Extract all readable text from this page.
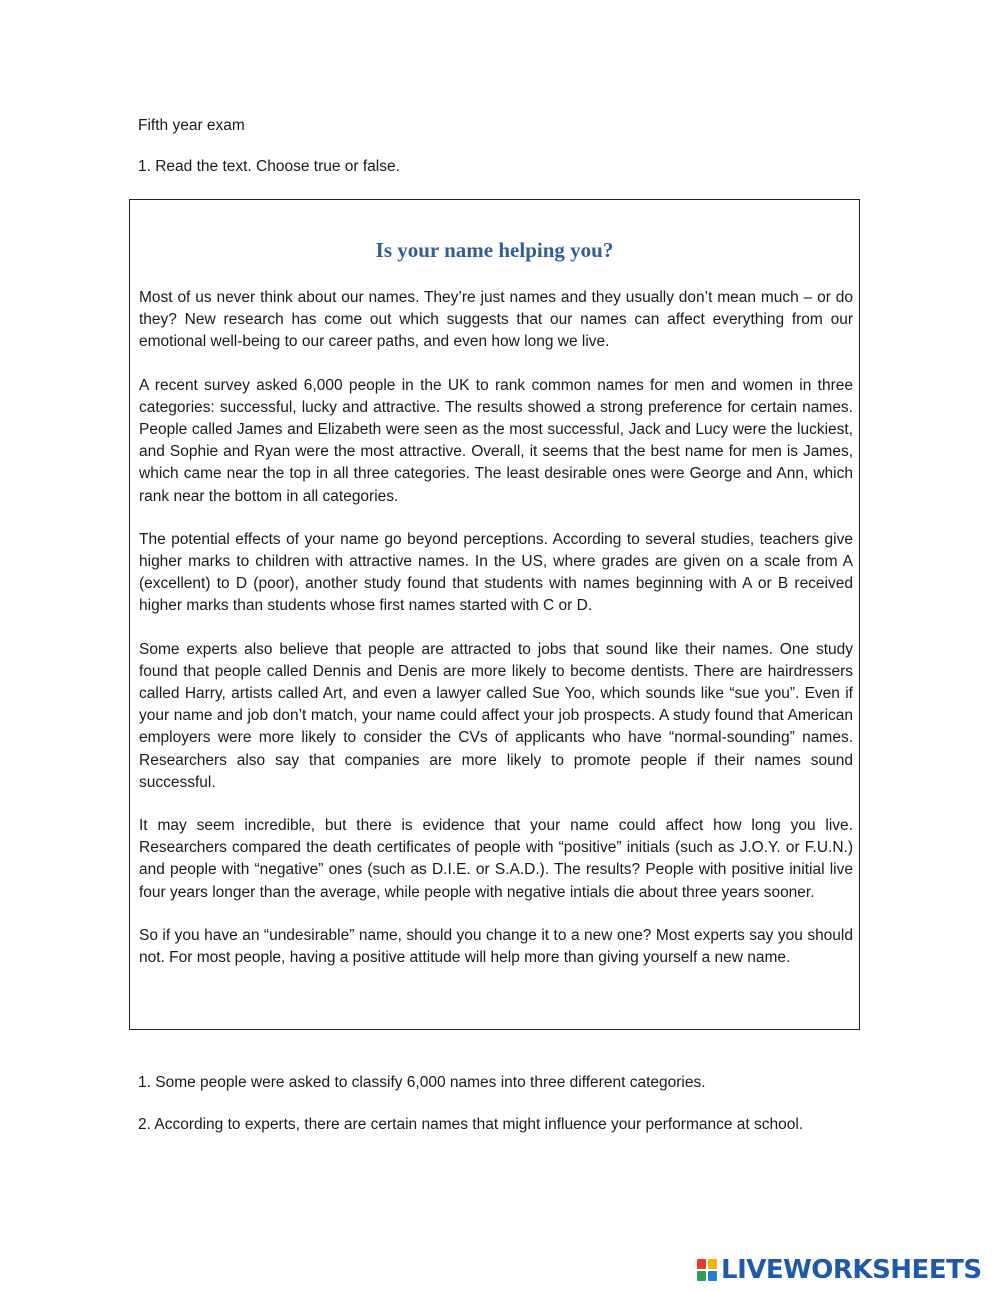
Fifth year exam
1. Read the text. Choose true or false.
Is your name helping you?

Most of us never think about our names. They’re just names and they usually don’t mean much – or do they? New research has come out which suggests that our names can affect everything from our emotional well-being to our career paths, and even how long we live.

A recent survey asked 6,000 people in the UK to rank common names for men and women in three categories: successful, lucky and attractive. The results showed a strong preference for certain names. People called James and Elizabeth were seen as the most successful, Jack and Lucy were the luckiest, and Sophie and Ryan were the most attractive. Overall, it seems that the best name for men is James, which came near the top in all three categories. The least desirable ones were George and Ann, which rank near the bottom in all categories.

The potential effects of your name go beyond perceptions. According to several studies, teachers give higher marks to children with attractive names. In the US, where grades are given on a scale from A (excellent) to D (poor), another study found that students with names beginning with A or B received higher marks than students whose first names started with C or D.

Some experts also believe that people are attracted to jobs that sound like their names. One study found that people called Dennis and Denis are more likely to become dentists. There are hairdressers called Harry, artists called Art, and even a lawyer called Sue Yoo, which sounds like “sue you”. Even if your name and job don’t match, your name could affect your job prospects. A study found that American employers were more likely to consider the CVs of applicants who have “normal-sounding” names. Researchers also say that companies are more likely to promote people if their names sound successful.

It may seem incredible, but there is evidence that your name could affect how long you live. Researchers compared the death certificates of people with “positive” initials (such as J.O.Y. or F.U.N.) and people with “negative” ones (such as D.I.E. or S.A.D.). The results? People with positive initial live four years longer than the average, while people with negative intials die about three years sooner.

So if you have an “undesirable” name, should you change it to a new one? Most experts say you should not. For most people, having a positive attitude will help more than giving yourself a new name.

1. Some people were asked to classify 6,000 names into three different categories.
2. According to experts, there are certain names that might influence your performance at school.
LIVEWORKSHEETS
